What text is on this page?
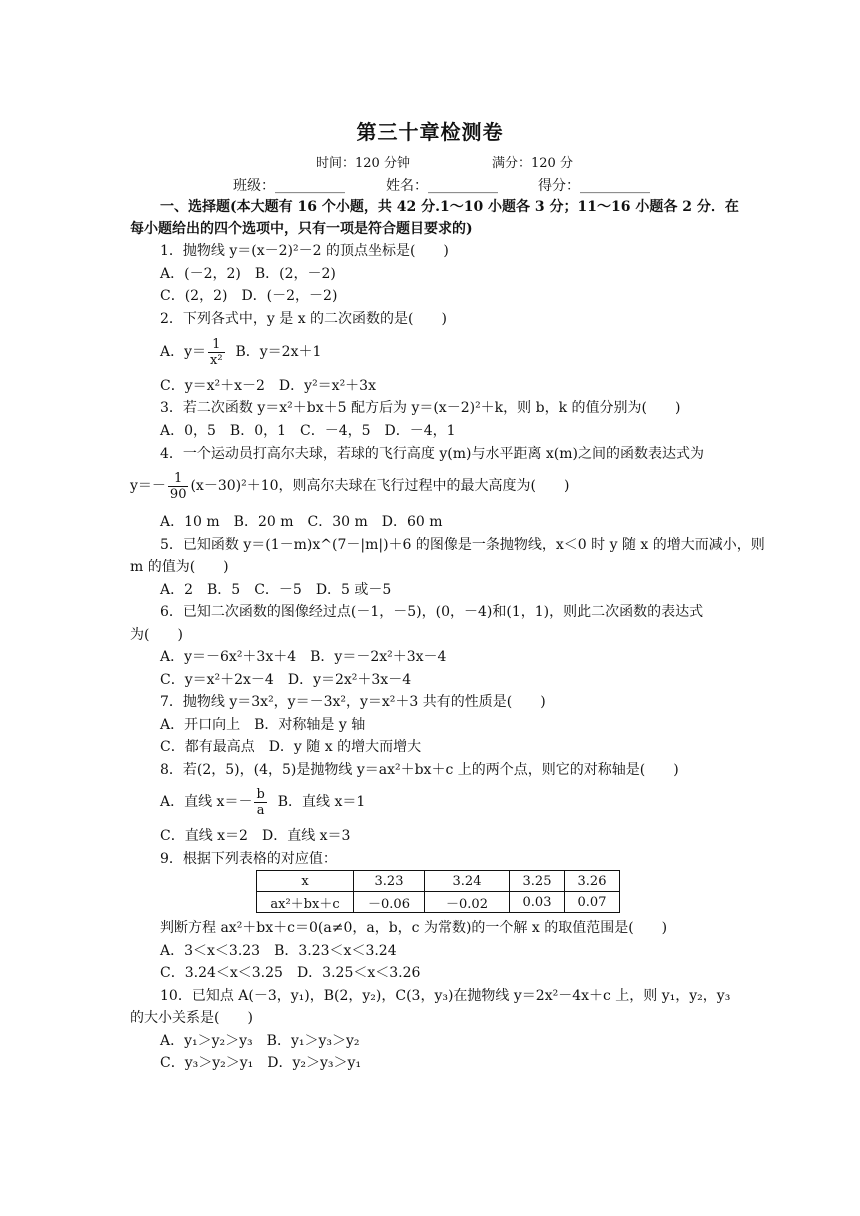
第三十章检测卷
时间：120 分钟	满分：120 分
班级：__________	姓名：__________	得分：__________
一、选择题(本大题有 16 个小题，共 42 分.1～10 小题各 3 分；11～16 小题各 2 分．在
每小题给出的四个选项中，只有一项是符合题目要求的)
1．抛物线 y＝(x－2)²－2 的顶点坐标是(　　)
A．(－2，2)　B．(2，－2)
C．(2，2)　D．(－2，－2)
2．下列各式中，y 是 x 的二次函数的是(　　)
A．$y= \frac{1}{\text{x²}}$ B．y＝2x＋1
C．y＝x²＋x－2　D．y²＝x²＋3x
3．若二次函数 y＝x²＋bx＋5 配方后为 y＝(x－2)²＋k，则 b，k 的值分别为(　　)
A．0，5　B．0，1　C．－4，5　D．－4，1
4．一个运动员打高尔夫球，若球的飞行高度 y(m)与水平距离 x(m)之间的函数表达式为
$y=- \frac{1}{90} (x-30)^2+10$，则高尔夫球在飞行过程中的最大高度为(　　)
A．10 m　B．20 m　C．30 m　D．60 m
5．已知函数 y＝(1－m)x^(7－|m|)＋6 的图像是一条抛物线，x＜0 时 y 随 x 的增大而减小，则
m 的值为(　　)
A．2　B．5　C．－5　D．5 或－5
6．已知二次函数的图像经过点(－1，－5)，(0，－4)和(1，1)，则此二次函数的表达式
为(　　)
A．y＝－6x²＋3x＋4　B．y＝－2x²＋3x－4
C．y＝x²＋2x－4　D．y＝2x²＋3x－4
7．抛物线 y＝3x²，y＝－3x²，y＝x²＋3 共有的性质是(　　)
A．开口向上　B．对称轴是 y 轴
C．都有最高点　D．y 随 x 的增大而增大
8．若(2，5)，(4，5)是抛物线 y＝ax²＋bx＋c 上的两个点，则它的对称轴是(　　)
A．直线 $x=- \frac{b}{a}$ B．直线 x＝1
C．直线 x＝2　D．直线 x＝3
9．根据下列表格的对应值：
x	3.23	3.24	3.25	3.26
ax²＋bx＋c	－0.06	－0.02	0.03	0.07
判断方程 ax²＋bx＋c＝0(a≠0，a，b，c 为常数)的一个解 x 的取值范围是(　　)
A．3＜x＜3.23　B．3.23＜x＜3.24
C．3.24＜x＜3.25　D．3.25＜x＜3.26
10．已知点 A(－3，y₁)，B(2，y₂)，C(3，y₃)在抛物线 y＝2x²－4x＋c 上，则 y₁，y₂，y₃
的大小关系是(　　)
A．y₁＞y₂＞y₃　B．y₁＞y₃＞y₂
C．y₃＞y₂＞y₁　D．y₂＞y₃＞y₁
